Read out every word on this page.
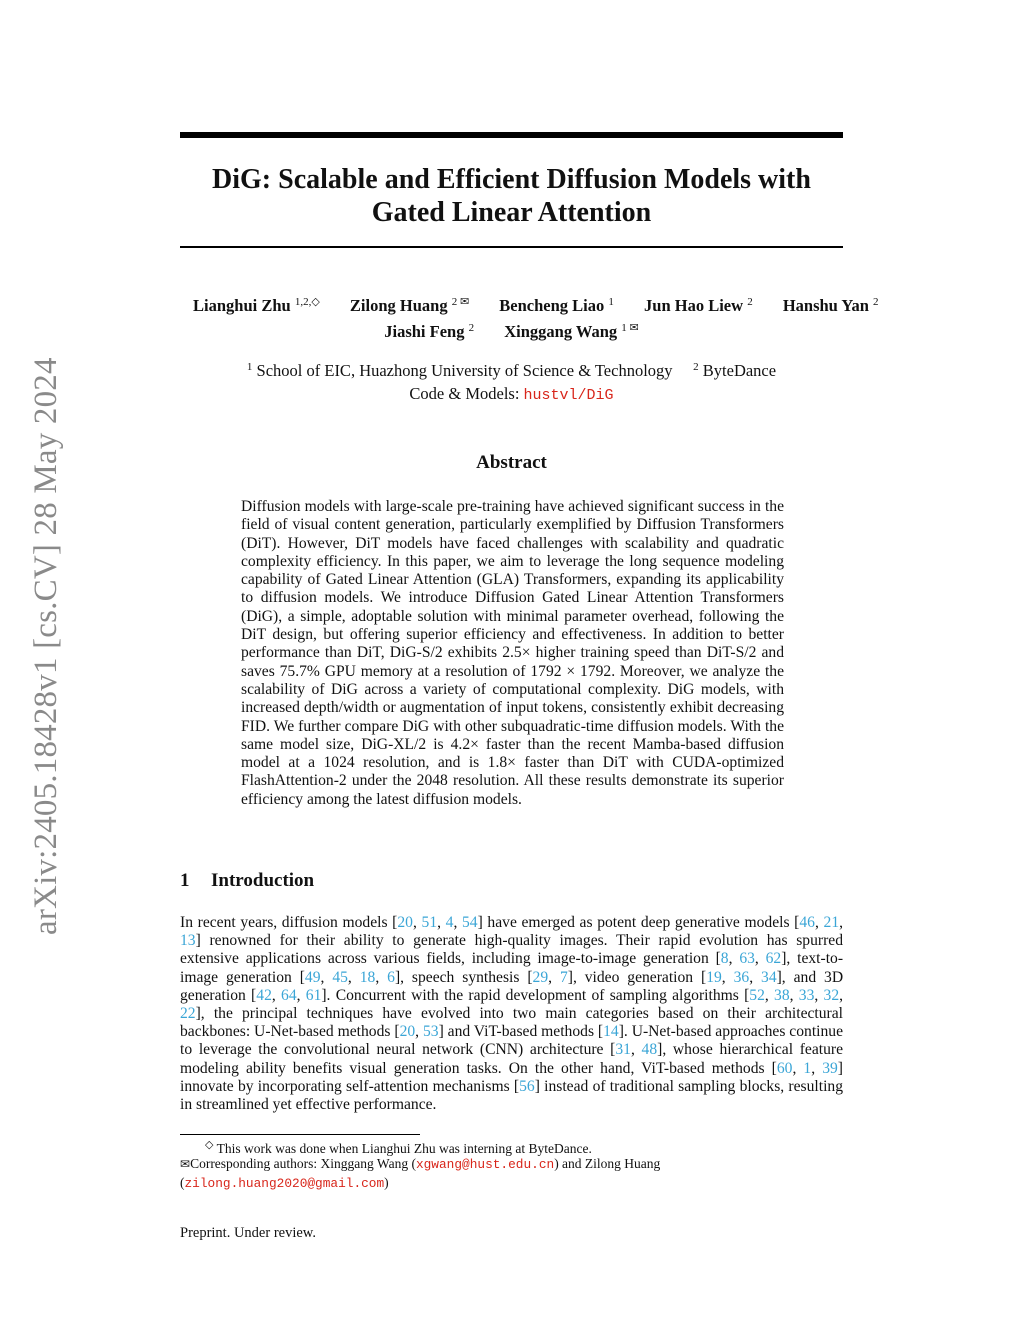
arXiv:2405.18428v1 [cs.CV] 28 May 2024
DiG: Scalable and Efficient Diffusion Models with
Gated Linear Attention
Lianghui Zhu $^{1,2,◇}$ Zilong Huang $^{2 ✉}$ Bencheng Liao $^1$ Jun Hao Liew $^2$ Hanshu Yan $^2$
Jiashi Feng $^2$ Xinggang Wang $^{1 ✉}$
$^1$ School of EIC, Huazhong University of Science & Technology $^2$ ByteDance
Code & Models: hustvl/DiG
Abstract
Diffusion models with large-scale pre-training have achieved significant success in the field of visual content generation, particularly exemplified by Diffusion Transformers (DiT). However, DiT models have faced challenges with scalability and quadratic complexity efficiency. In this paper, we aim to leverage the long sequence modeling capability of Gated Linear Attention (GLA) Transformers, expanding its applicability to diffusion models. We introduce Diffusion Gated Linear Attention Transformers (DiG), a simple, adoptable solution with minimal parameter overhead, following the DiT design, but offering superior efficiency and effectiveness. In addition to better performance than DiT, DiG-S/2 exhibits 2.5× higher training speed than DiT-S/2 and saves 75.7% GPU memory at a resolution of 1792 × 1792. Moreover, we analyze the scalability of DiG across a variety of computational complexity. DiG models, with increased depth/width or augmentation of input tokens, consistently exhibit decreasing FID. We further compare DiG with other subquadratic-time diffusion models. With the same model size, DiG-XL/2 is 4.2× faster than the recent Mamba-based diffusion model at a 1024 resolution, and is 1.8× faster than DiT with CUDA-optimized FlashAttention-2 under the 2048 resolution. All these results demonstrate its superior efficiency among the latest diffusion models.
1 Introduction
In recent years, diffusion models [20, 51, 4, 54] have emerged as potent deep generative models [46, 21, 13] renowned for their ability to generate high-quality images. Their rapid evolution has spurred extensive applications across various fields, including image-to-image generation [8, 63, 62], text-to-image generation [49, 45, 18, 6], speech synthesis [29, 7], video generation [19, 36, 34], and 3D generation [42, 64, 61]. Concurrent with the rapid development of sampling algorithms [52, 38, 33, 32, 22], the principal techniques have evolved into two main categories based on their architectural backbones: U-Net-based methods [20, 53] and ViT-based methods [14]. U-Net-based approaches continue to leverage the convolutional neural network (CNN) architecture [31, 48], whose hierarchical feature modeling ability benefits visual generation tasks. On the other hand, ViT-based methods [60, 1, 39] innovate by incorporating self-attention mechanisms [56] instead of traditional sampling blocks, resulting in streamlined yet effective performance.
◇ This work was done when Lianghui Zhu was interning at ByteDance.
✉Corresponding authors: Xinggang Wang (xgwang@hust.edu.cn) and Zilong Huang (zilong.huang2020@gmail.com)
Preprint. Under review.
